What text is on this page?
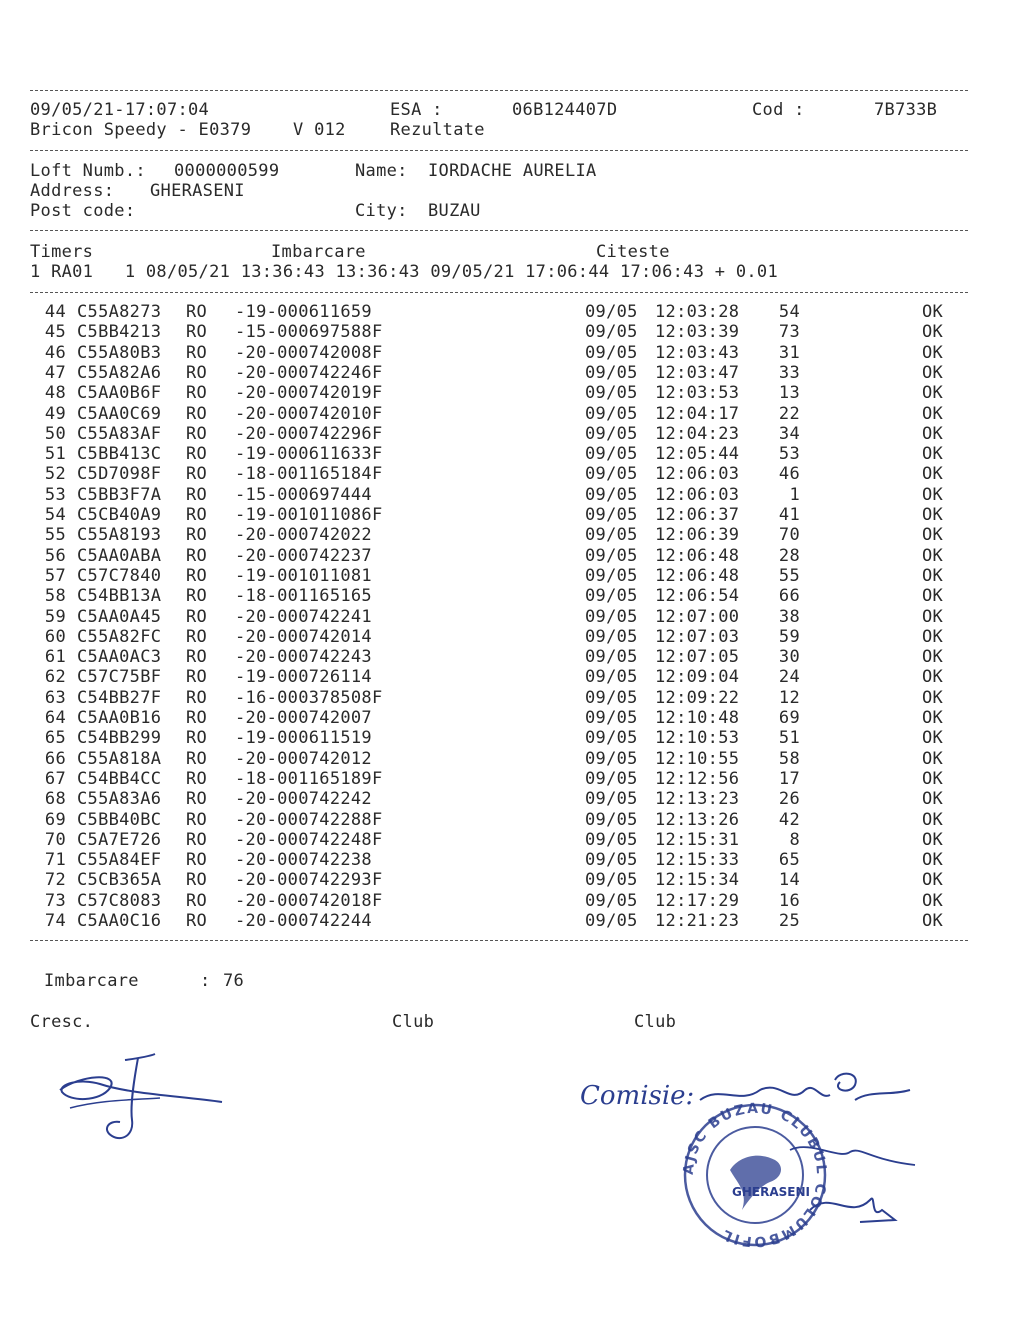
09/05/21-17:07:04	ESA :	06B124407D	Cod :	7B733B
Bricon Speedy - E0379 V 012	Rezultate
Loft Numb.: 0000000599	Name: IORDACHE AURELIA
Address: GHERASENI
Post code:	City: BUZAU
Timers	Imbarcare	Citeste
1 RA01   1 08/05/21 13:36:43 13:36:43 09/05/21 17:06:44 17:06:43 + 0.01
44 C55A8273 RO -19-000611659	09/05 12:03:28	54	OK
45 C5BB4213 RO -15-000697588F	09/05 12:03:39	73	OK
46 C55A80B3 RO -20-000742008F	09/05 12:03:43	31	OK
47 C55A82A6 RO -20-000742246F	09/05 12:03:47	33	OK
48 C5AA0B6F RO -20-000742019F	09/05 12:03:53	13	OK
49 C5AA0C69 RO -20-000742010F	09/05 12:04:17	22	OK
50 C55A83AF RO -20-000742296F	09/05 12:04:23	34	OK
51 C5BB413C RO -19-000611633F	09/05 12:05:44	53	OK
52 C5D7098F RO -18-001165184F	09/05 12:06:03	46	OK
53 C5BB3F7A RO -15-000697444	09/05 12:06:03	1	OK
54 C5CB40A9 RO -19-001011086F	09/05 12:06:37	41	OK
55 C55A8193 RO -20-000742022	09/05 12:06:39	70	OK
56 C5AA0ABA RO -20-000742237	09/05 12:06:48	28	OK
57 C57C7840 RO -19-001011081	09/05 12:06:48	55	OK
58 C54BB13A RO -18-001165165	09/05 12:06:54	66	OK
59 C5AA0A45 RO -20-000742241	09/05 12:07:00	38	OK
60 C55A82FC RO -20-000742014	09/05 12:07:03	59	OK
61 C5AA0AC3 RO -20-000742243	09/05 12:07:05	30	OK
62 C57C75BF RO -19-000726114	09/05 12:09:04	24	OK
63 C54BB27F RO -16-000378508F	09/05 12:09:22	12	OK
64 C5AA0B16 RO -20-000742007	09/05 12:10:48	69	OK
65 C54BB299 RO -19-000611519	09/05 12:10:53	51	OK
66 C55A818A RO -20-000742012	09/05 12:10:55	58	OK
67 C54BB4CC RO -18-001165189F	09/05 12:12:56	17	OK
68 C55A83A6 RO -20-000742242	09/05 12:13:23	26	OK
69 C5BB40BC RO -20-000742288F	09/05 12:13:26	42	OK
70 C5A7E726 RO -20-000742248F	09/05 12:15:31	8	OK
71 C55A84EF RO -20-000742238	09/05 12:15:33	65	OK
72 C5CB365A RO -20-000742293F	09/05 12:15:34	14	OK
73 C57C8083 RO -20-000742018F	09/05 12:17:29	16	OK
74 C5AA0C16 RO -20-000742244	09/05 12:21:23	25	OK
Imbarcare	: 76
Cresc.	Club	Club
AJSC BUZAU CLUBUL COLUMBOFIL
GHERASENI
Comisie:
